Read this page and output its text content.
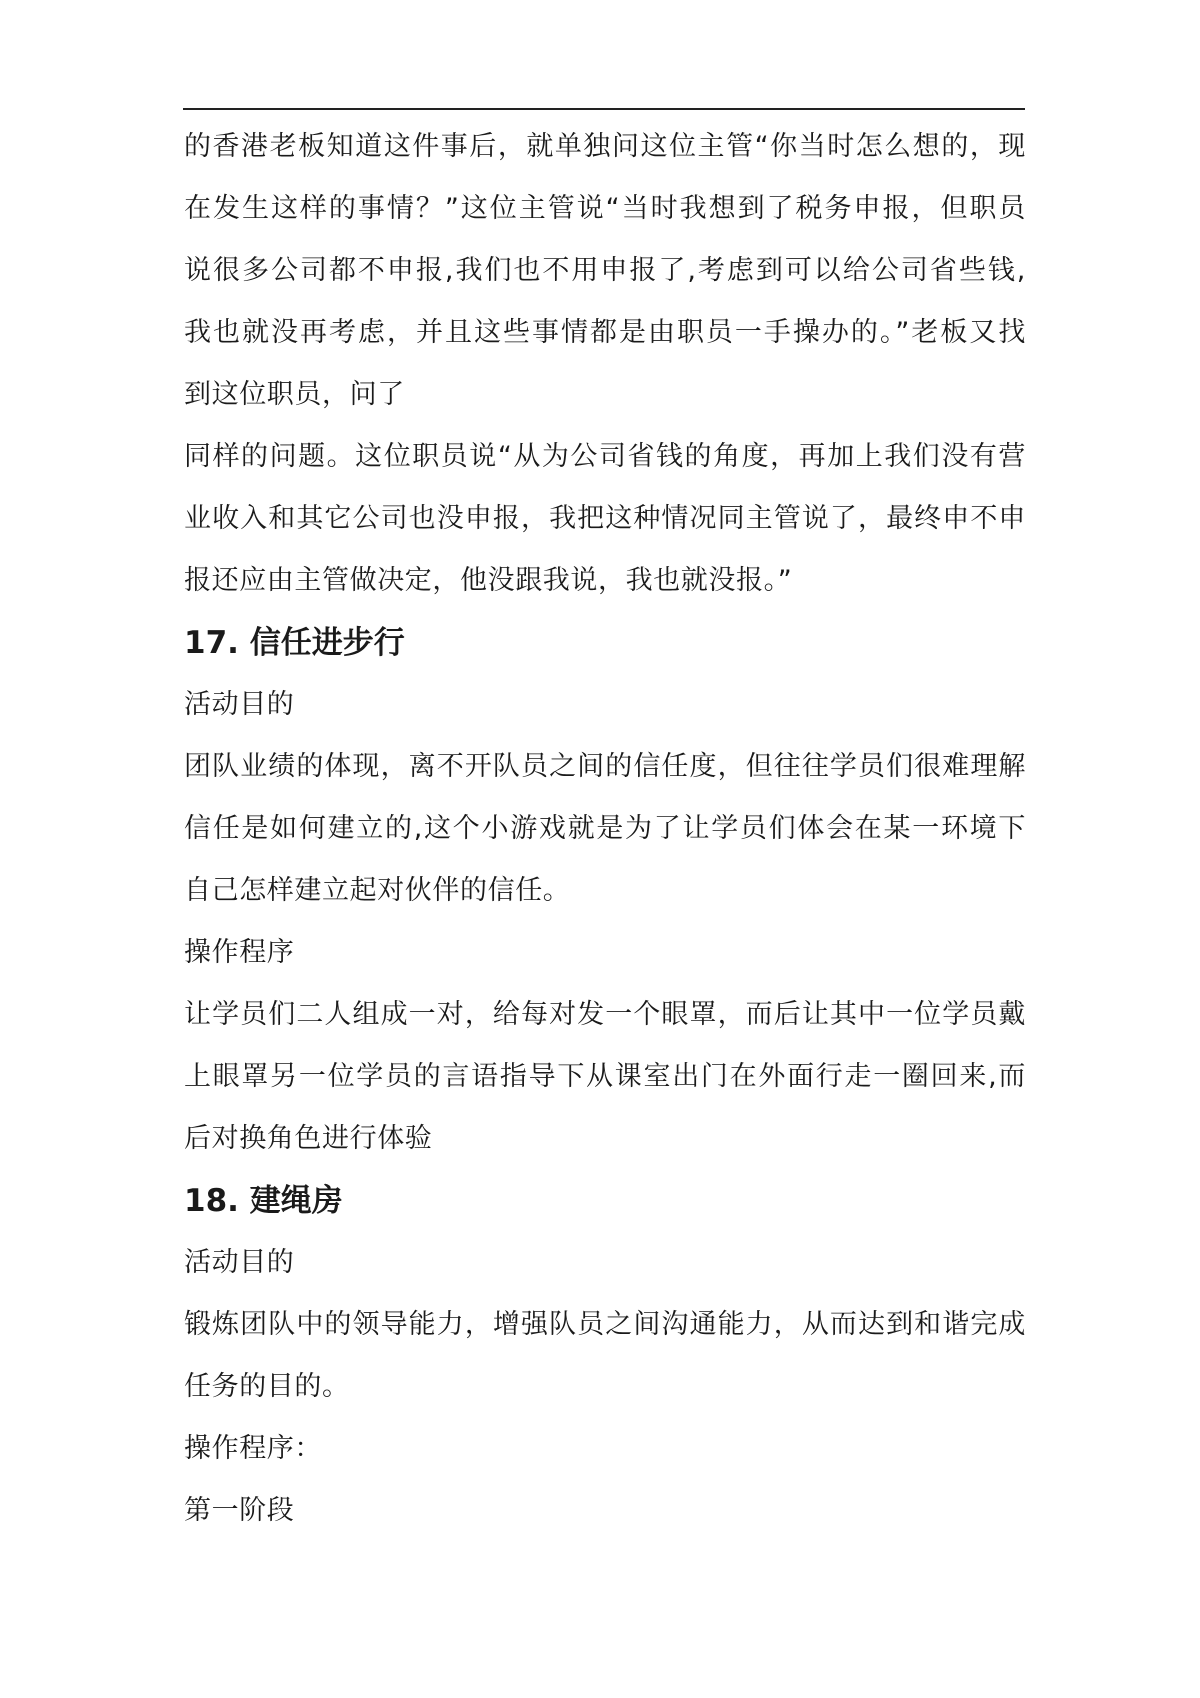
的香港老板知道这件事后，就单独问这位主管“你当时怎么想的，现
在发生这样的事情？”这位主管说“当时我想到了税务申报，但职员
说很多公司都不申报,我们也不用申报了,考虑到可以给公司省些钱,
我也就没再考虑，并且这些事情都是由职员一手操办的。”老板又找
到这位职员，问了
同样的问题。这位职员说“从为公司省钱的角度，再加上我们没有营
业收入和其它公司也没申报，我把这种情况同主管说了，最终申不申
报还应由主管做决定，他没跟我说，我也就没报。”
17. 信任进步行
活动目的
团队业绩的体现，离不开队员之间的信任度，但往往学员们很难理解
信任是如何建立的,这个小游戏就是为了让学员们体会在某一环境下
自己怎样建立起对伙伴的信任。
操作程序
让学员们二人组成一对，给每对发一个眼罩，而后让其中一位学员戴
上眼罩另一位学员的言语指导下从课室出门在外面行走一圈回来,而
后对换角色进行体验
18. 建绳房
活动目的
锻炼团队中的领导能力，增强队员之间沟通能力，从而达到和谐完成
任务的目的。
操作程序：
第一阶段
